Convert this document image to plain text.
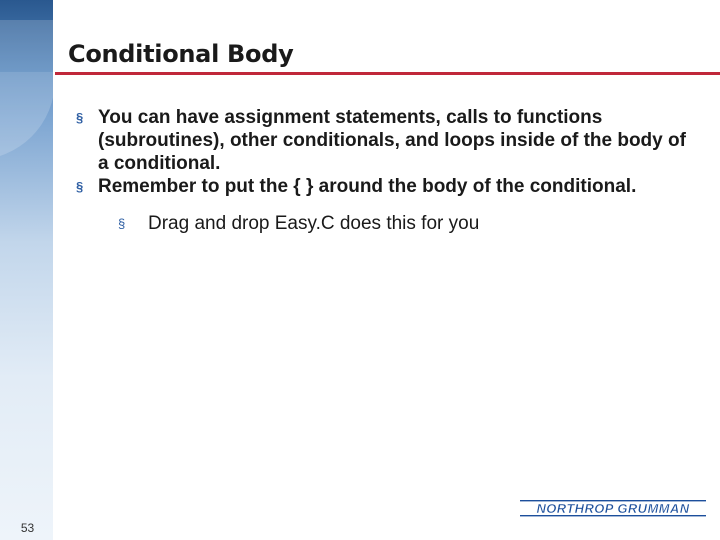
Conditional Body
§ You can have assignment statements, calls to functions (subroutines), other conditionals, and loops inside of the body of a conditional.
§ Remember to put the { } around the body of the conditional.
§ Drag and drop Easy.C does this for you
53
NORTHROP GRUMMAN
